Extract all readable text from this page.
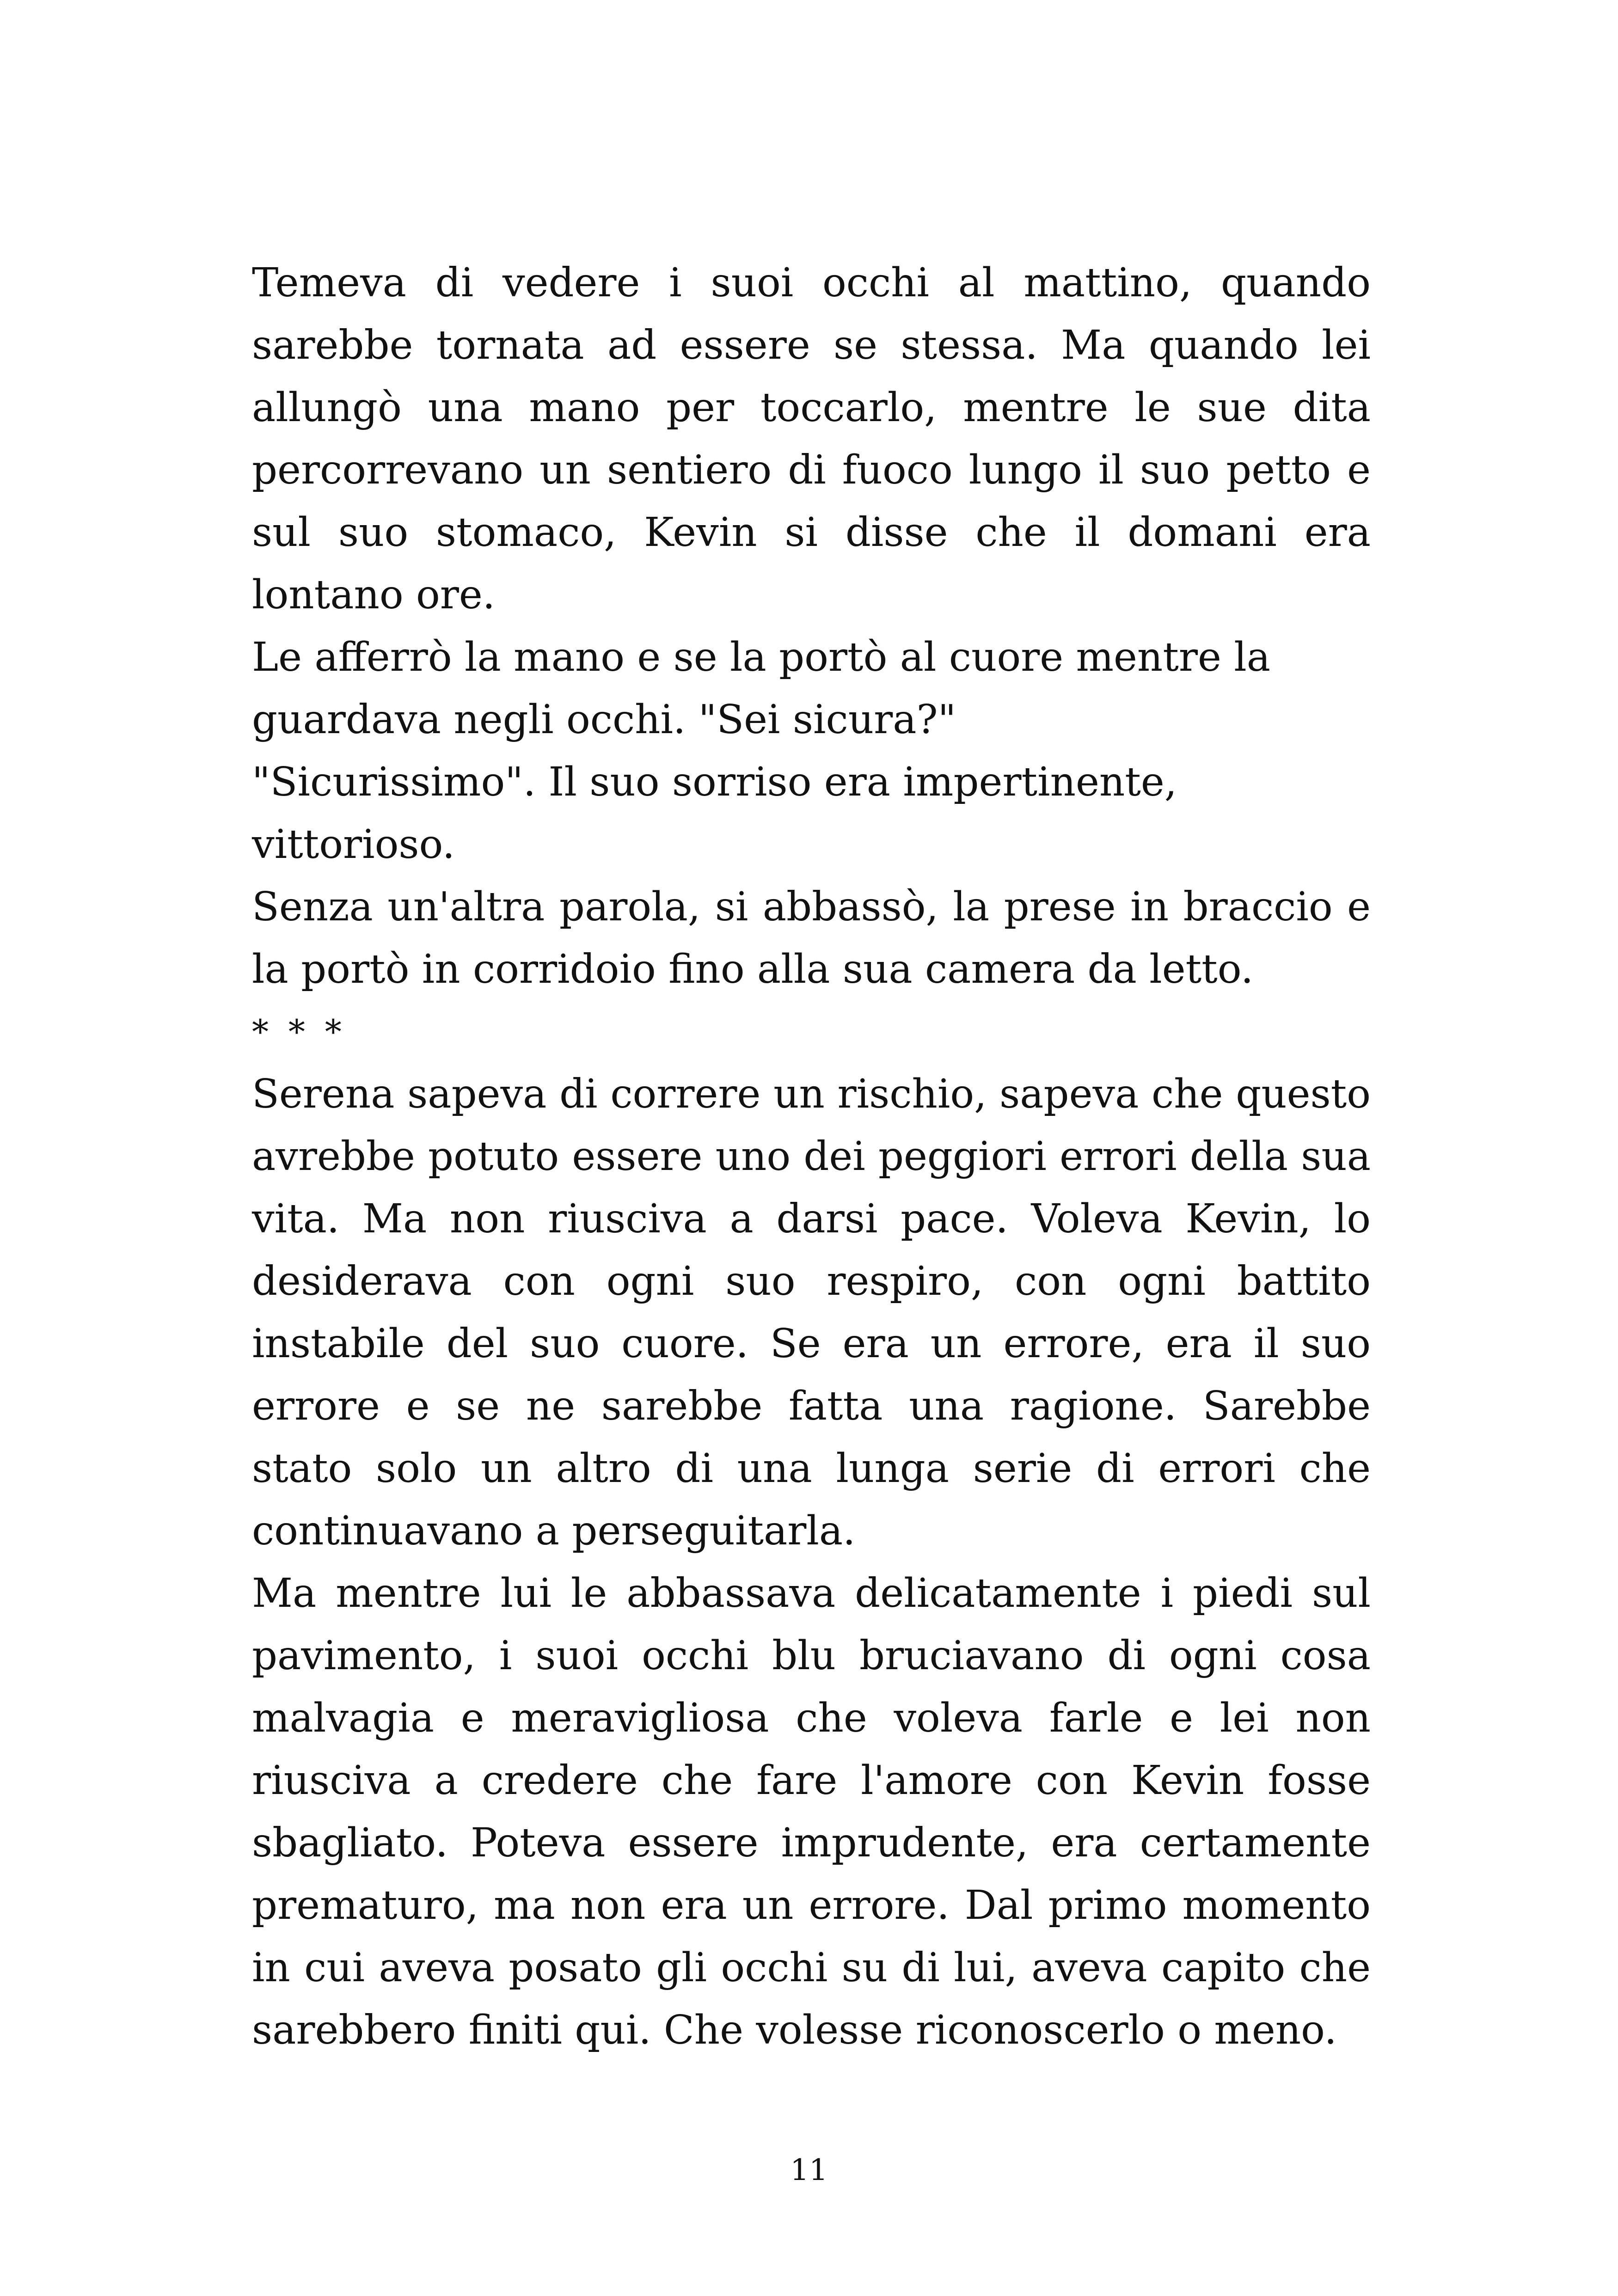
Temeva di vedere i suoi occhi al mattino, quando sarebbe tornata ad essere se stessa. Ma quando lei allungò una mano per toccarlo, mentre le sue dita percorrevano un sentiero di fuoco lungo il suo petto e sul suo stomaco, Kevin si disse che il domani era lontano ore.

Le afferrò la mano e se la portò al cuore mentre la guardava negli occhi. "Sei sicura?"

"Sicurissimo". Il suo sorriso era impertinente, vittorioso.

Senza un'altra parola, si abbassò, la prese in braccio e la portò in corridoio fino alla sua camera da letto.

* * *

Serena sapeva di correre un rischio, sapeva che questo avrebbe potuto essere uno dei peggiori errori della sua vita. Ma non riusciva a darsi pace. Voleva Kevin, lo desiderava con ogni suo respiro, con ogni battito instabile del suo cuore. Se era un errore, era il suo errore e se ne sarebbe fatta una ragione. Sarebbe stato solo un altro di una lunga serie di errori che continuavano a perseguitarla.

Ma mentre lui le abbassava delicatamente i piedi sul pavimento, i suoi occhi blu bruciavano di ogni cosa malvagia e meravigliosa che voleva farle e lei non riusciva a credere che fare l'amore con Kevin fosse sbagliato. Poteva essere imprudente, era certamente prematuro, ma non era un errore. Dal primo momento in cui aveva posato gli occhi su di lui, aveva capito che sarebbero finiti qui. Che volesse riconoscerlo o meno.

11
